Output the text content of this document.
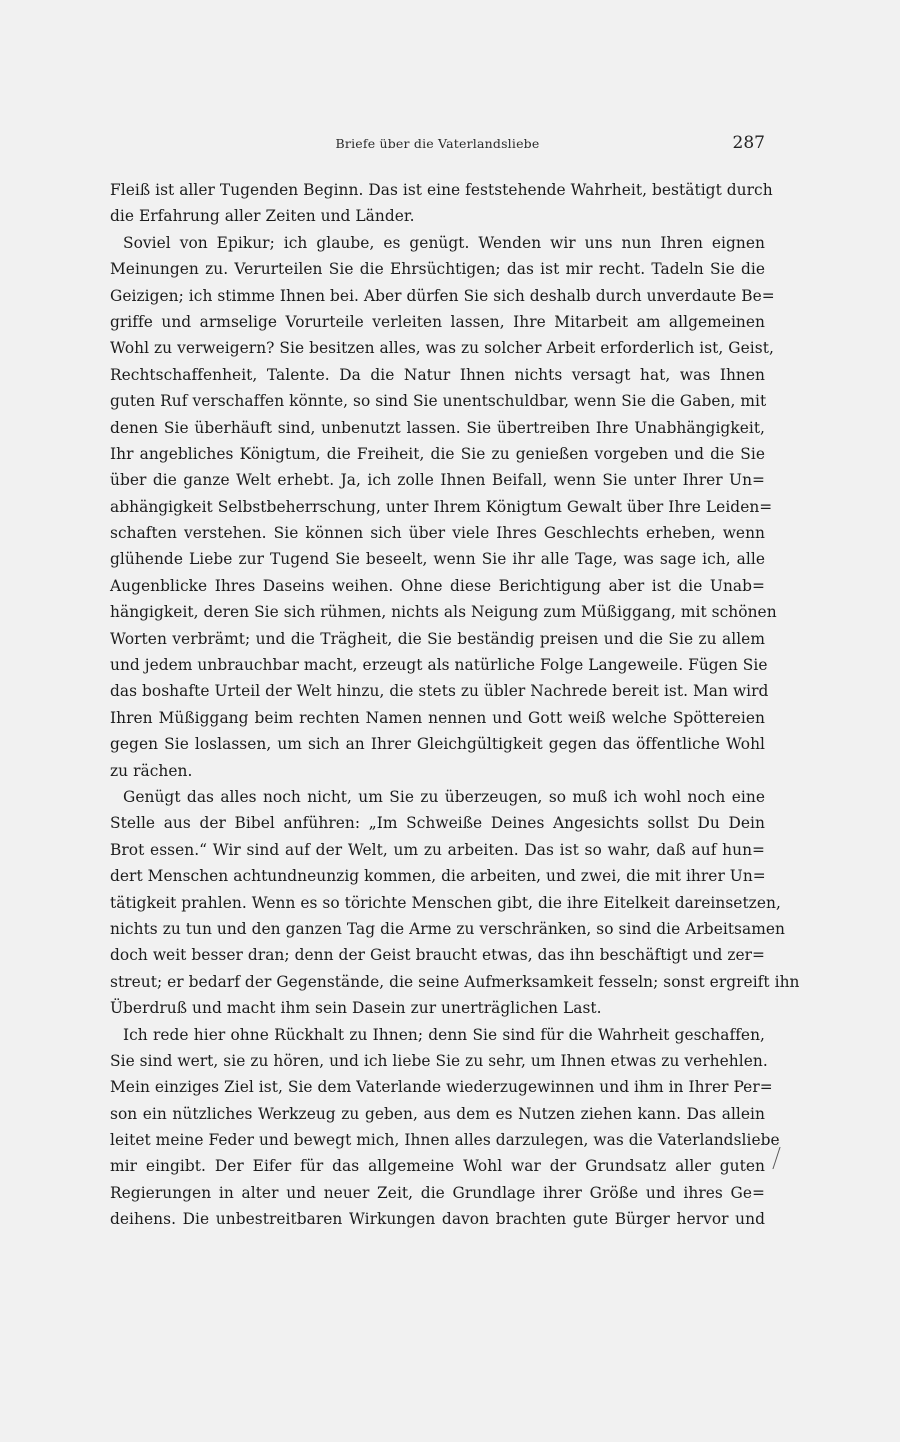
Briefe über die Vaterlandsliebe	287
Fleiß ist aller Tugenden Beginn. Das ist eine feststehende Wahrheit, bestätigt durch
die Erfahrung aller Zeiten und Länder.
Soviel von Epikur; ich glaube, es genügt. Wenden wir uns nun Ihren eignen
Meinungen zu. Verurteilen Sie die Ehrsüchtigen; das ist mir recht. Tadeln Sie die
Geizigen; ich stimme Ihnen bei. Aber dürfen Sie sich deshalb durch unverdaute Be=
griffe und armselige Vorurteile verleiten lassen, Ihre Mitarbeit am allgemeinen
Wohl zu verweigern? Sie besitzen alles, was zu solcher Arbeit erforderlich ist, Geist,
Rechtschaffenheit, Talente. Da die Natur Ihnen nichts versagt hat, was Ihnen
guten Ruf verschaffen könnte, so sind Sie unentschuldbar, wenn Sie die Gaben, mit
denen Sie überhäuft sind, unbenutzt lassen. Sie übertreiben Ihre Unabhängigkeit,
Ihr angebliches Königtum, die Freiheit, die Sie zu genießen vorgeben und die Sie
über die ganze Welt erhebt. Ja, ich zolle Ihnen Beifall, wenn Sie unter Ihrer Un=
abhängigkeit Selbstbeherrschung, unter Ihrem Königtum Gewalt über Ihre Leiden=
schaften verstehen. Sie können sich über viele Ihres Geschlechts erheben, wenn
glühende Liebe zur Tugend Sie beseelt, wenn Sie ihr alle Tage, was sage ich, alle
Augenblicke Ihres Daseins weihen. Ohne diese Berichtigung aber ist die Unab=
hängigkeit, deren Sie sich rühmen, nichts als Neigung zum Müßiggang, mit schönen
Worten verbrämt; und die Trägheit, die Sie beständig preisen und die Sie zu allem
und jedem unbrauchbar macht, erzeugt als natürliche Folge Langeweile. Fügen Sie
das boshafte Urteil der Welt hinzu, die stets zu übler Nachrede bereit ist. Man wird
Ihren Müßiggang beim rechten Namen nennen und Gott weiß welche Spöttereien
gegen Sie loslassen, um sich an Ihrer Gleichgültigkeit gegen das öffentliche Wohl
zu rächen.
Genügt das alles noch nicht, um Sie zu überzeugen, so muß ich wohl noch eine
Stelle aus der Bibel anführen: „Im Schweiße Deines Angesichts sollst Du Dein
Brot essen.“ Wir sind auf der Welt, um zu arbeiten. Das ist so wahr, daß auf hun=
dert Menschen achtundneunzig kommen, die arbeiten, und zwei, die mit ihrer Un=
tätigkeit prahlen. Wenn es so törichte Menschen gibt, die ihre Eitelkeit dareinsetzen,
nichts zu tun und den ganzen Tag die Arme zu verschränken, so sind die Arbeitsamen
doch weit besser dran; denn der Geist braucht etwas, das ihn beschäftigt und zer=
streut; er bedarf der Gegenstände, die seine Aufmerksamkeit fesseln; sonst ergreift ihn
Überdruß und macht ihm sein Dasein zur unerträglichen Last.
Ich rede hier ohne Rückhalt zu Ihnen; denn Sie sind für die Wahrheit geschaffen,
Sie sind wert, sie zu hören, und ich liebe Sie zu sehr, um Ihnen etwas zu verhehlen.
Mein einziges Ziel ist, Sie dem Vaterlande wiederzugewinnen und ihm in Ihrer Per=
son ein nützliches Werkzeug zu geben, aus dem es Nutzen ziehen kann. Das allein
leitet meine Feder und bewegt mich, Ihnen alles darzulegen, was die Vaterlandsliebe
mir eingibt. Der Eifer für das allgemeine Wohl war der Grundsatz aller guten
Regierungen in alter und neuer Zeit, die Grundlage ihrer Größe und ihres Ge=
deihens. Die unbestreitbaren Wirkungen davon brachten gute Bürger hervor und
